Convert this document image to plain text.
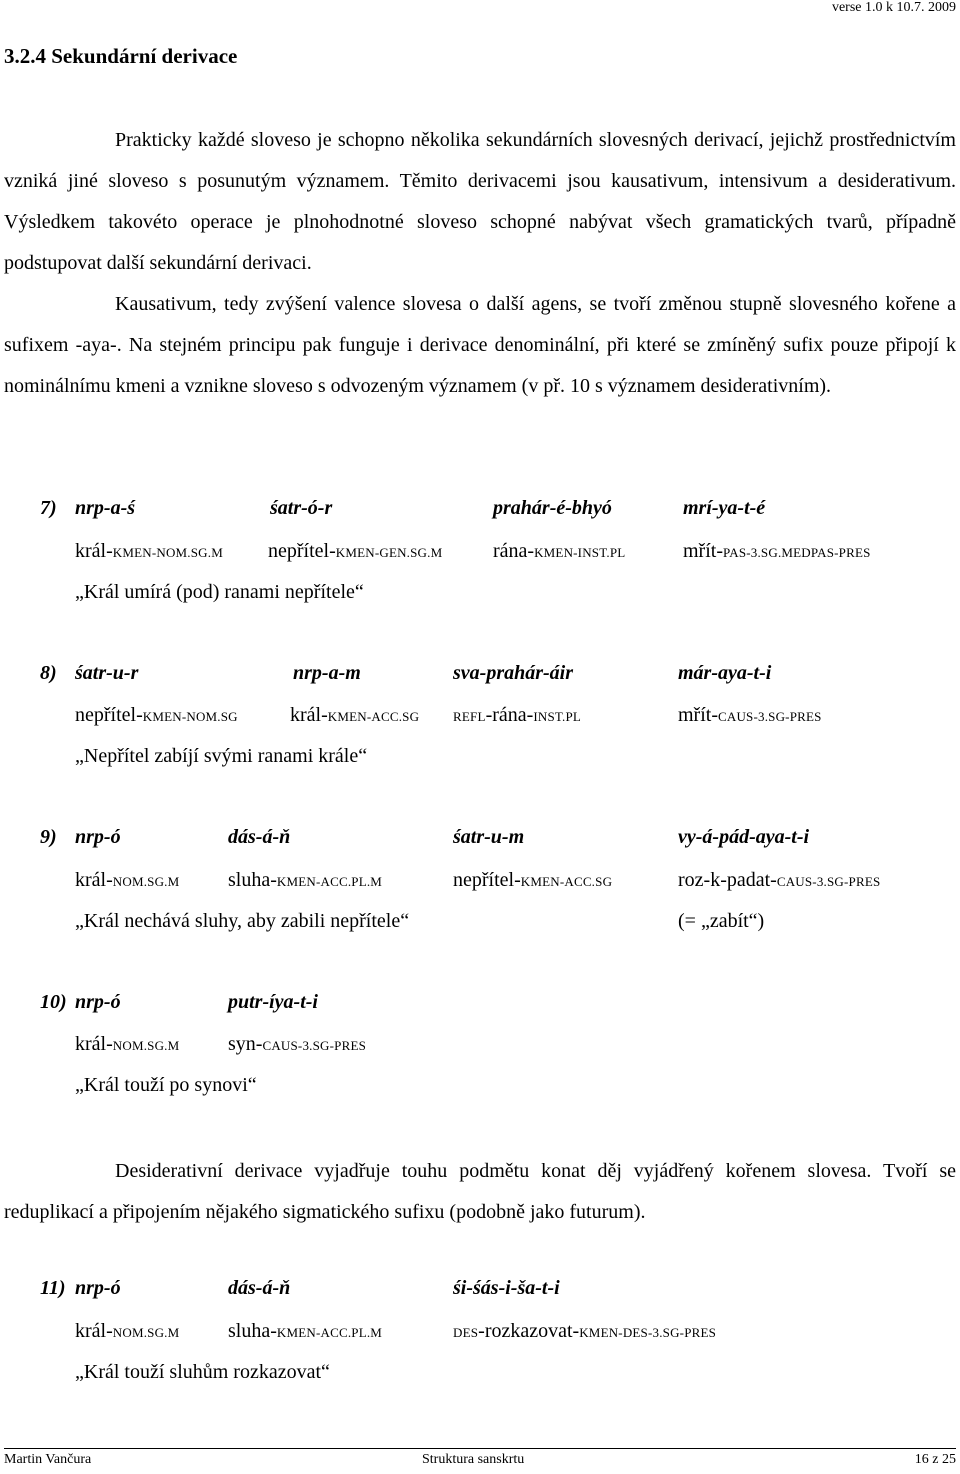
verse 1.0 k 10.7. 2009
3.2.4 Sekundární derivace

Prakticky každé sloveso je schopno několika sekundárních slovesných derivací, jejichž prostřednictvím vzniká jiné sloveso s posunutým významem. Těmito derivacemi jsou kausativum, intensivum a desiderativum. Výsledkem takovéto operace je plnohodnotné sloveso schopné nabývat všech gramatických tvarů, případně podstupovat další sekundární derivaci.

Kausativum, tedy zvýšení valence slovesa o další agens, se tvoří změnou stupně slovesného kořene a sufixem -aya-. Na stejném principu pak funguje i derivace denominální, při které se zmíněný sufix pouze připojí k nominálnímu kmeni a vznikne sloveso s odvozeným významem (v př. 10 s významem desiderativním).

7) nrp-a-ś	śatr-ó-r	prahár-é-bhyó	mrí-ya-t-é
král-KMEN-NOM.SG.M nepřítel-KMEN-GEN.SG.M	rána-KMEN-INST.PL	mřít-PAS-3.SG.MEDPAS-PRES
„Král umírá (pod) ranami nepřítele“
8) śatr-u-r	nrp-a-m	sva-prahár-áir	már-aya-t-i
nepřítel-KMEN-NOM.SG	král-KMEN-ACC.SG	REFL-rána-INST.PL	mřít-CAUS-3.SG-PRES
„Nepřítel zabíjí svými ranami krále“
9) nrp-ó	dás-á-ň	śatr-u-m	vy-á-pád-aya-t-i
král-NOM.SG.M sluha-KMEN-ACC.PL.M	nepřítel-KMEN-ACC.SG	roz-k-padat-CAUS-3.SG-PRES
„Král nechává sluhy, aby zabili nepřítele“	(= „zabít“)
10) nrp-ó	putr-íya-t-i
král-NOM.SG.M syn-CAUS-3.SG-PRES
„Král touží po synovi“

Desiderativní derivace vyjadřuje touhu podmětu konat děj vyjádřený kořenem slovesa. Tvoří se reduplikací a připojením nějakého sigmatického sufixu (podobně jako futurum).

11) nrp-ó	dás-á-ň	śi-śás-i-ša-t-i
král-NOM.SG.M sluha-KMEN-ACC.PL.M	DES-rozkazovat-KMEN-DES-3.SG-PRES
„Král touží sluhům rozkazovat“
Martin Vančura	Struktura sanskrtu	16 z 25
